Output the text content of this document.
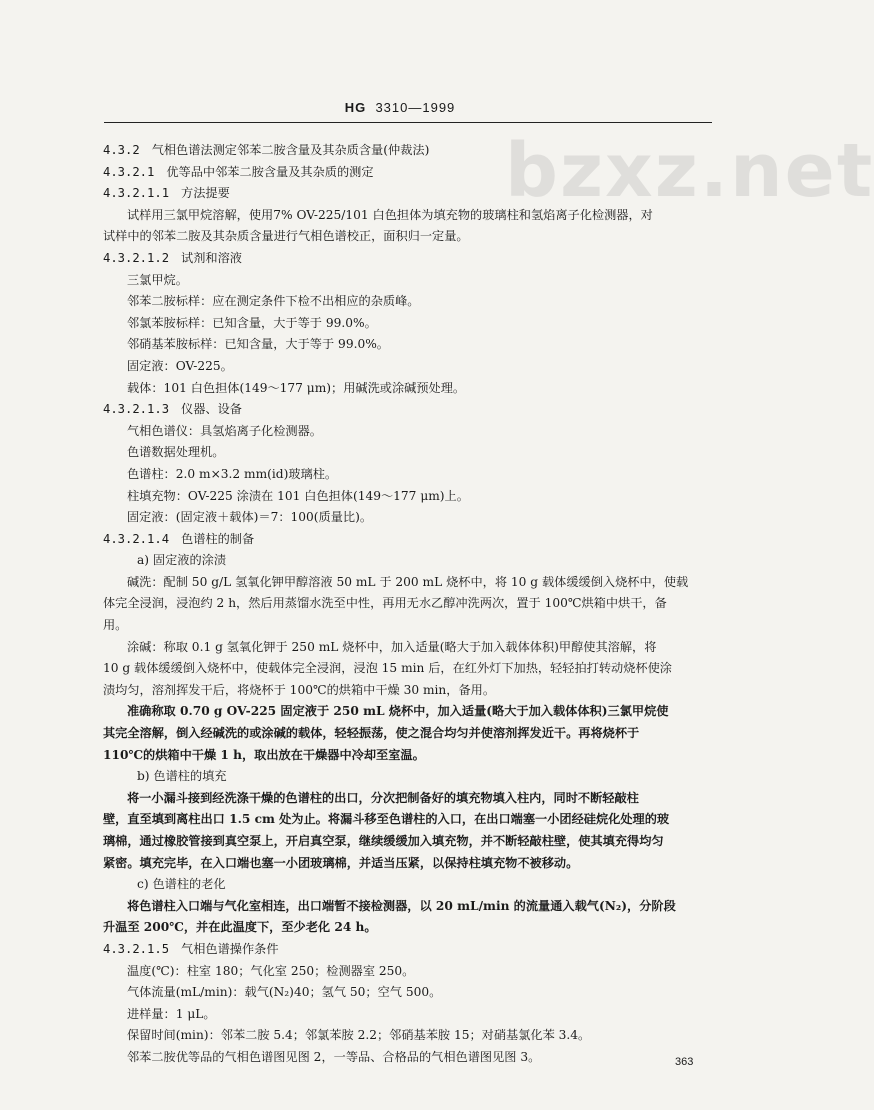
HG 3310—1999
bzxz.net
4.3.2 气相色谱法测定邻苯二胺含量及其杂质含量(仲裁法)
4.3.2.1 优等品中邻苯二胺含量及其杂质的测定
4.3.2.1.1 方法提要
试样用三氯甲烷溶解，使用7% OV-225/101 白色担体为填充物的玻璃柱和氢焰离子化检测器，对
试样中的邻苯二胺及其杂质含量进行气相色谱校正，面积归一定量。
4.3.2.1.2 试剂和溶液
三氯甲烷。
邻苯二胺标样：应在测定条件下检不出相应的杂质峰。
邻氯苯胺标样：已知含量，大于等于 99.0%。
邻硝基苯胺标样：已知含量，大于等于 99.0%。
固定液：OV-225。
载体：101 白色担体(149～177 μm)；用碱洗或涂碱预处理。
4.3.2.1.3 仪器、设备
气相色谱仪：具氢焰离子化检测器。
色谱数据处理机。
色谱柱：2.0 m×3.2 mm(id)玻璃柱。
柱填充物：OV-225 涂渍在 101 白色担体(149～177 μm)上。
固定液：(固定液＋载体)＝7：100(质量比)。
4.3.2.1.4 色谱柱的制备
a) 固定液的涂渍
碱洗：配制 50 g/L 氢氧化钾甲醇溶液 50 mL 于 200 mL 烧杯中，将 10 g 载体缓缓倒入烧杯中，使载
体完全浸润，浸泡约 2 h，然后用蒸馏水洗至中性，再用无水乙醇冲洗两次，置于 100℃烘箱中烘干，备
用。
涂碱：称取 0.1 g 氢氧化钾于 250 mL 烧杯中，加入适量(略大于加入载体体积)甲醇使其溶解，将
10 g 载体缓缓倒入烧杯中，使载体完全浸润，浸泡 15 min 后，在红外灯下加热，轻轻拍打转动烧杯使涂
渍均匀，溶剂挥发干后，将烧杯于 100℃的烘箱中干燥 30 min，备用。
准确称取 0.70 g OV-225 固定液于 250 mL 烧杯中，加入适量(略大于加入载体体积)三氯甲烷使
其完全溶解，倒入经碱洗的或涂碱的载体，轻轻振荡，使之混合均匀并使溶剂挥发近干。再将烧杯于
110℃的烘箱中干燥 1 h，取出放在干燥器中冷却至室温。
b) 色谱柱的填充
将一小漏斗接到经洗涤干燥的色谱柱的出口，分次把制备好的填充物填入柱内，同时不断轻敲柱
壁，直至填到离柱出口 1.5 cm 处为止。将漏斗移至色谱柱的入口，在出口端塞一小团经硅烷化处理的玻
璃棉，通过橡胶管接到真空泵上，开启真空泵，继续缓缓加入填充物，并不断轻敲柱壁，使其填充得均匀
紧密。填充完毕，在入口端也塞一小团玻璃棉，并适当压紧，以保持柱填充物不被移动。
c) 色谱柱的老化
将色谱柱入口端与气化室相连，出口端暂不接检测器，以 20 mL/min 的流量通入载气(N₂)，分阶段
升温至 200℃，并在此温度下，至少老化 24 h。
4.3.2.1.5 气相色谱操作条件
温度(℃)：柱室 180；气化室 250；检测器室 250。
气体流量(mL/min)：载气(N₂)40；氢气 50；空气 500。
进样量：1 μL。
保留时间(min)：邻苯二胺 5.4；邻氯苯胺 2.2；邻硝基苯胺 15；对硝基氯化苯 3.4。
邻苯二胺优等品的气相色谱图见图 2，一等品、合格品的气相色谱图见图 3。	363
